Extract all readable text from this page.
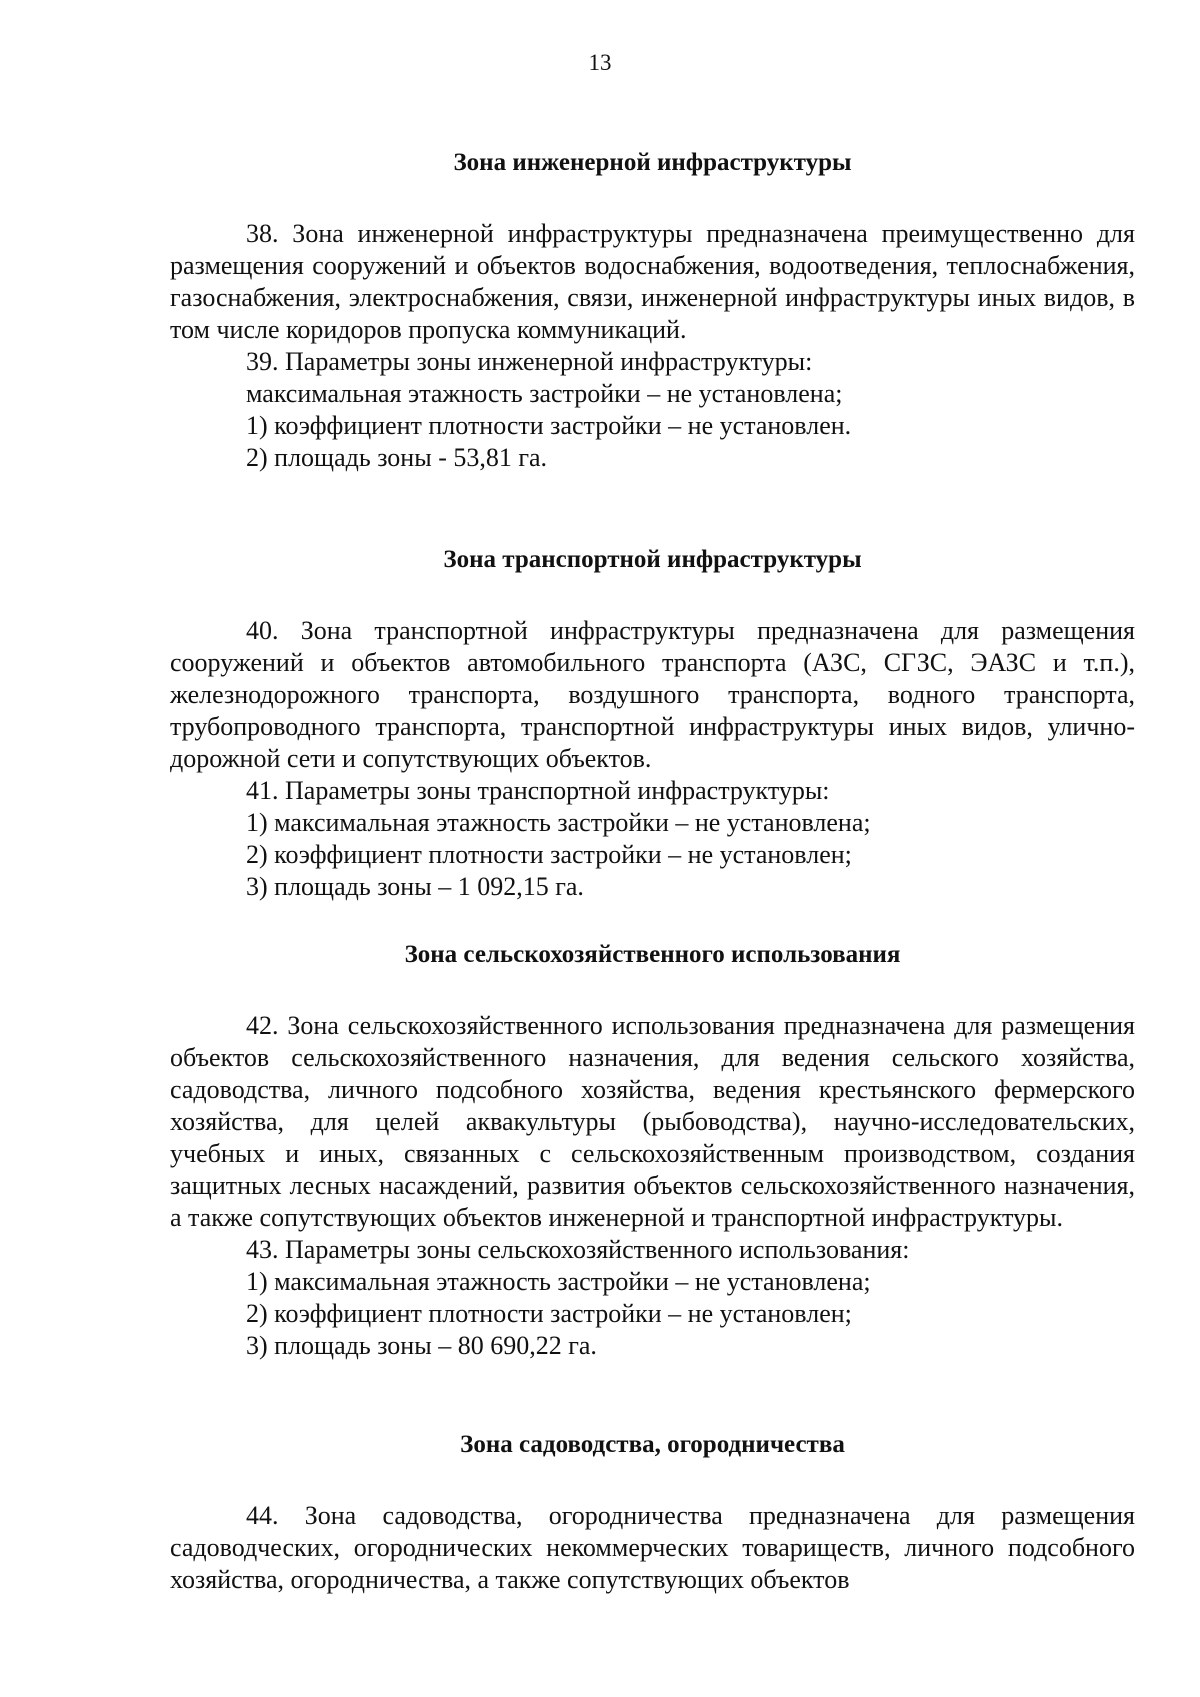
13
Зона инженерной инфраструктуры

38. Зона инженерной инфраструктуры предназначена преимущественно для размещения сооружений и объектов водоснабжения, водоотведения, теплоснабжения, газоснабжения, электроснабжения, связи, инженерной инфраструктуры иных видов, в том числе коридоров пропуска коммуникаций.

39. Параметры зоны инженерной инфраструктуры:

максимальная этажность застройки – не установлена;

1) коэффициент плотности застройки – не установлен.

2) площадь зоны - 53,81 га.

Зона транспортной инфраструктуры

40. Зона транспортной инфраструктуры предназначена для размещения сооружений и объектов автомобильного транспорта (АЗС, СГЗС, ЭАЗС и т.п.), железнодорожного транспорта, воздушного транспорта, водного транспорта, трубопроводного транспорта, транспортной инфраструктуры иных видов, улично-дорожной сети и сопутствующих объектов.

41. Параметры зоны транспортной инфраструктуры:

1) максимальная этажность застройки – не установлена;

2) коэффициент плотности застройки – не установлен;

3) площадь зоны – 1 092,15 га.

Зона сельскохозяйственного использования

42. Зона сельскохозяйственного использования предназначена для размещения объектов сельскохозяйственного назначения, для ведения сельского хозяйства, садоводства, личного подсобного хозяйства, ведения крестьянского фермерского хозяйства, для целей аквакультуры (рыбоводства), научно-исследовательских, учебных и иных, связанных с сельскохозяйственным производством, создания защитных лесных насаждений, развития объектов сельскохозяйственного назначения, а также сопутствующих объектов инженерной и транспортной инфраструктуры.

43. Параметры зоны сельскохозяйственного использования:

1) максимальная этажность застройки – не установлена;

2) коэффициент плотности застройки – не установлен;

3) площадь зоны – 80 690,22 га.

Зона садоводства, огородничества

44. Зона садоводства, огородничества предназначена для размещения садоводческих, огороднических некоммерческих товариществ, личного подсобного хозяйства, огородничества, а также сопутствующих объектов
